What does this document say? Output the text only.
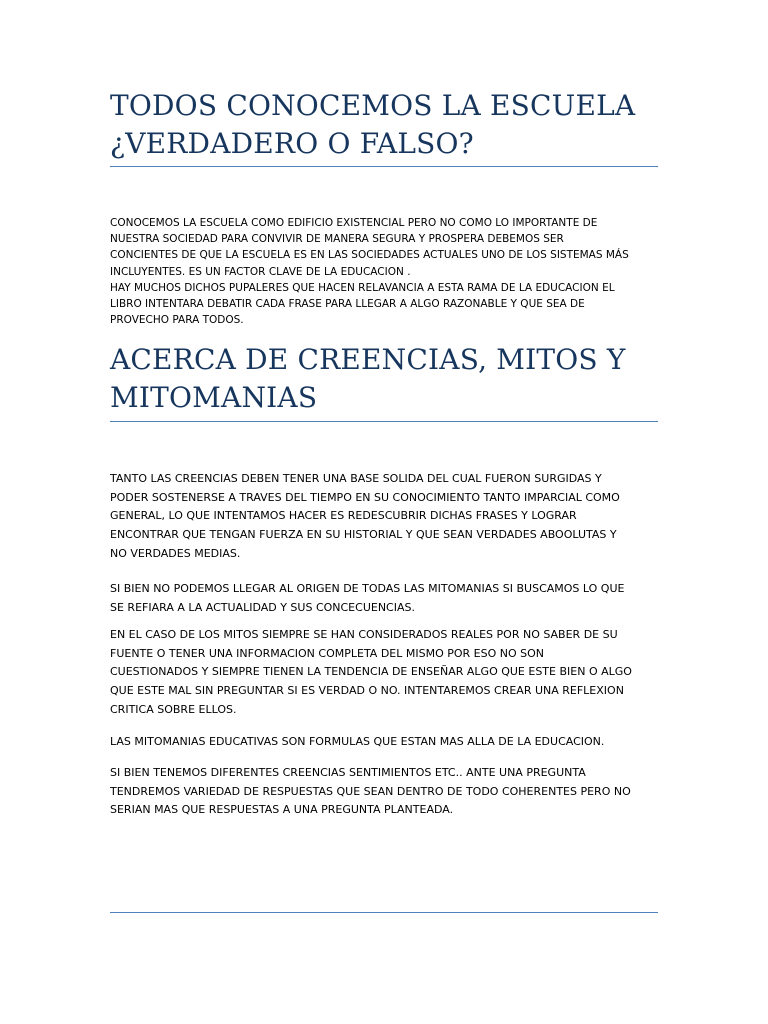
TODOS CONOCEMOS LA ESCUELA
¿VERDADERO O FALSO?

CONOCEMOS LA ESCUELA COMO EDIFICIO EXISTENCIAL PERO NO COMO LO IMPORTANTE DE
NUESTRA SOCIEDAD PARA CONVIVIR DE MANERA SEGURA Y PROSPERA DEBEMOS SER
CONCIENTES DE QUE LA ESCUELA ES EN LAS SOCIEDADES ACTUALES UNO DE LOS SISTEMAS MÁS
INCLUYENTES. ES UN FACTOR CLAVE DE LA EDUCACION .
HAY MUCHOS DICHOS PUPALERES QUE HACEN RELAVANCIA A ESTA RAMA DE LA EDUCACION EL
LIBRO INTENTARA DEBATIR CADA FRASE PARA LLEGAR A ALGO RAZONABLE Y QUE SEA DE
PROVECHO PARA TODOS.

ACERCA DE CREENCIAS, MITOS Y
MITOMANIAS

TANTO LAS CREENCIAS DEBEN TENER UNA BASE SOLIDA DEL CUAL FUERON SURGIDAS Y
PODER SOSTENERSE A TRAVES DEL TIEMPO EN SU CONOCIMIENTO TANTO IMPARCIAL COMO
GENERAL, LO QUE INTENTAMOS HACER ES REDESCUBRIR DICHAS FRASES Y LOGRAR
ENCONTRAR QUE TENGAN FUERZA EN SU HISTORIAL Y QUE SEAN VERDADES ABOOLUTAS Y
NO VERDADES MEDIAS.

SI BIEN NO PODEMOS LLEGAR AL ORIGEN DE TODAS LAS MITOMANIAS SI BUSCAMOS LO QUE
SE REFIARA A LA ACTUALIDAD Y SUS CONCECUENCIAS.

EN EL CASO DE LOS MITOS SIEMPRE SE HAN CONSIDERADOS REALES POR NO SABER DE SU
FUENTE O TENER UNA INFORMACION COMPLETA DEL MISMO POR ESO NO SON
CUESTIONADOS Y SIEMPRE TIENEN LA TENDENCIA DE ENSEÑAR ALGO QUE ESTE BIEN O ALGO
QUE ESTE MAL SIN PREGUNTAR SI ES VERDAD O NO. INTENTAREMOS CREAR UNA REFLEXION
CRITICA SOBRE ELLOS.

LAS MITOMANIAS EDUCATIVAS SON FORMULAS QUE ESTAN MAS ALLA DE LA EDUCACION.

SI BIEN TENEMOS DIFERENTES CREENCIAS SENTIMIENTOS ETC.. ANTE UNA PREGUNTA
TENDREMOS VARIEDAD DE RESPUESTAS QUE SEAN DENTRO DE TODO COHERENTES PERO NO
SERIAN MAS QUE RESPUESTAS A UNA PREGUNTA PLANTEADA.
